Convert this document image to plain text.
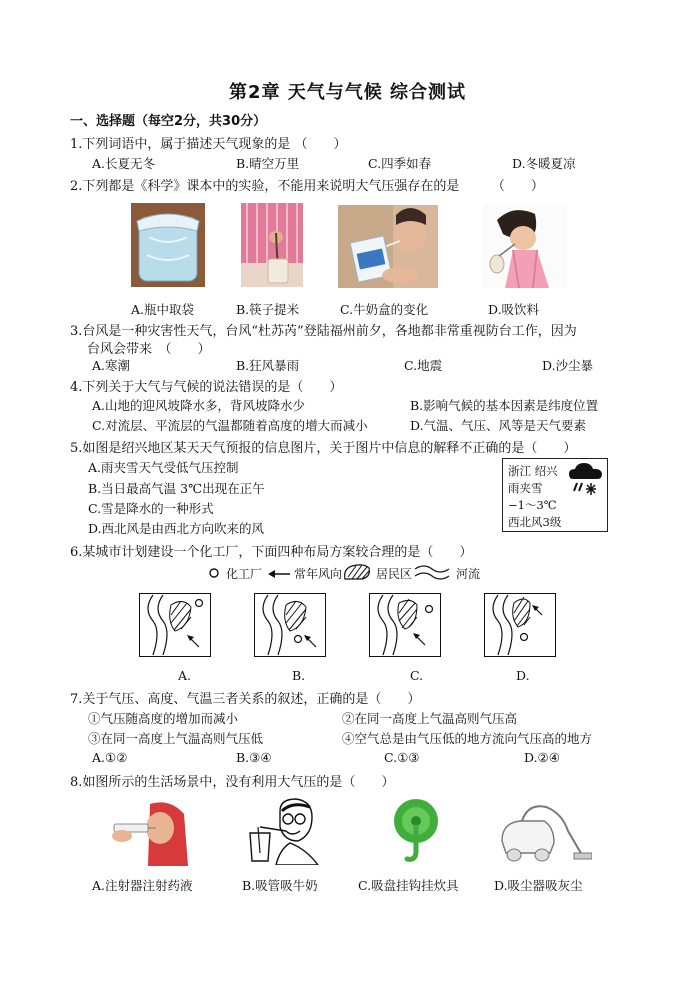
第2章 天气与气候 综合测试
一、选择题（每空2分，共30分）
1.下列词语中，属于描述天气现象的是 （　　）
A.长夏无冬	B.晴空万里	C.四季如春	D.冬暖夏凉
2.下列都是《科学》课本中的实验，不能用来说明大气压强存在的是　　　（　　）
A.瓶中取袋	B.筷子提米	C.牛奶盒的变化	D.吸饮料
3.台风是一种灾害性天气，台风“杜苏芮”登陆福州前夕，各地都非常重视防台工作，因为
台风会带来　（　　）
A.寒潮	B.狂风暴雨	C.地震	D.沙尘暴
4.下列关于大气与气候的说法错误的是（　　）
A.山地的迎风坡降水多，背风坡降水少	B.影响气候的基本因素是纬度位置
C.对流层、平流层的气温都随着高度的增大而减小	D.气温、气压、风等是天气要素
5.如图是绍兴地区某天天气预报的信息图片，关于图片中信息的解释不正确的是（　　）
A.雨夹雪天气受低气压控制
B.当日最高气温 3℃出现在正午
C.雪是降水的一种形式
D.西北风是由西北方向吹来的风
浙江 绍兴
雨夹雪
−1～3℃
西北风3级
6.某城市计划建设一个化工厂，下面四种布局方案较合理的是（　　）
化工厂	常年风向	居民区	河流
A.	B.	C.	D.
7.关于气压、高度、气温三者关系的叙述，正确的是（　　）
①气压随高度的增加而减小	②在同一高度上气温高则气压高
③在同一高度上气温高则气压低	④空气总是由气压低的地方流向气压高的地方
A.①②	B.③④	C.①③	D.②④
8.如图所示的生活场景中，没有利用大气压的是（　　）
A.注射器注射药液	B.吸管吸牛奶	C.吸盘挂钩挂炊具	D.吸尘器吸灰尘
